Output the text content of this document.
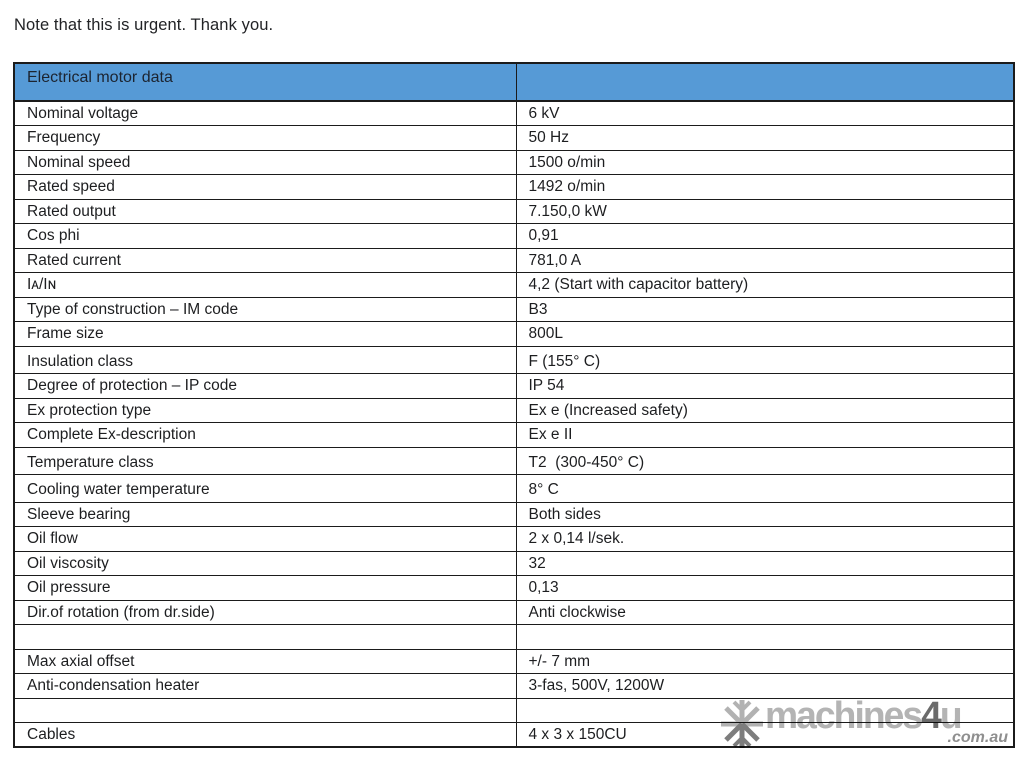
Note that this is urgent. Thank you.

Electrical motor data	
Nominal voltage	6 kV
Frequency	50 Hz
Nominal speed	1500 o/min
Rated speed	1492 o/min
Rated output	7.150,0 kW
Cos phi	0,91
Rated current	781,0 A
Iᴀ/Iɴ	4,2 (Start with capacitor battery)
Type of construction – IM code	B3
Frame size	800L
Insulation class	F (155° C)
Degree of protection – IP code	IP 54
Ex protection type	Ex e (Increased safety)
Complete Ex-description	Ex e II
Temperature class	T2  (300-450° C)
Cooling water temperature	8° C
Sleeve bearing	Both sides
Oil flow	2 x 0,14 l/sek.
Oil viscosity	32
Oil pressure	0,13
Dir.of rotation (from dr.side)	Anti clockwise

Max axial offset	+/- 7 mm
Anti-condensation heater	3-fas, 500V, 1200W

Cables	4 x 3 x 150CU	machines4u
.com.au
